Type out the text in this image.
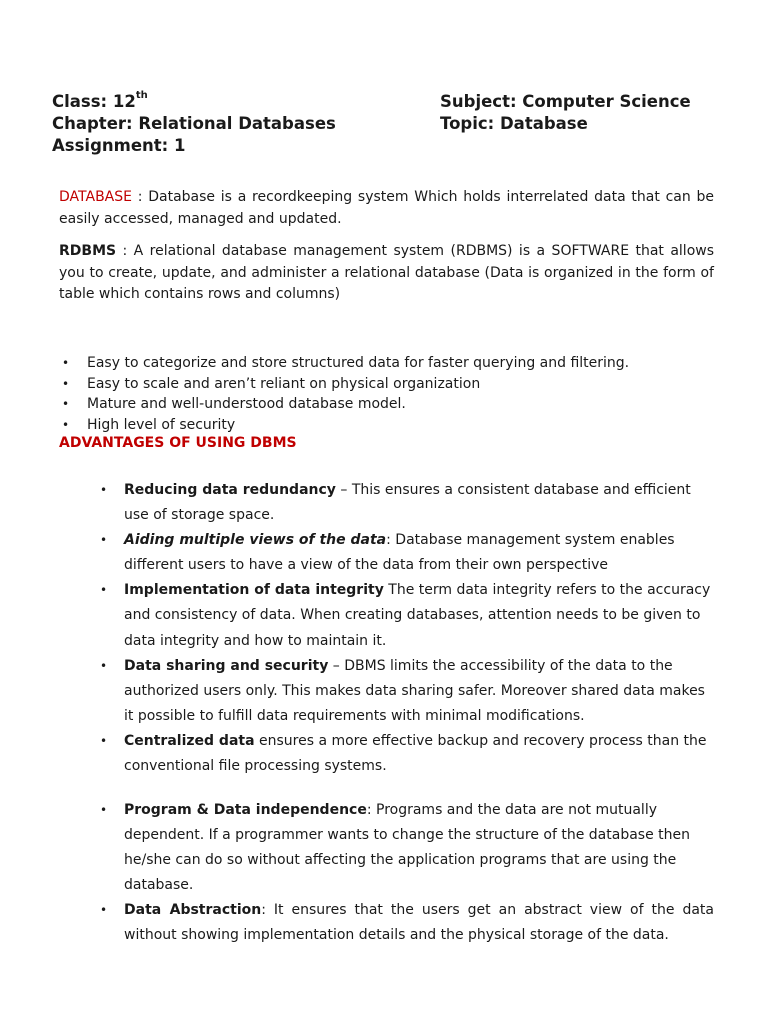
Class: 12th
Chapter: Relational Databases
Assignment: 1
Subject: Computer Science
Topic: Database

DATABASE : Database is a recordkeeping system Which holds interrelated data that can be easily accessed, managed and updated.

RDBMS : A relational database management system (RDBMS) is a SOFTWARE that allows you to create, update, and administer a relational database (Data is organized in the form of table which contains rows and columns)

• Easy to categorize and store structured data for faster querying and filtering.
• Easy to scale and aren’t reliant on physical organization
• Mature and well-understood database model.
• High level of security
ADVANTAGES OF USING DBMS
• Reducing data redundancy – This ensures a consistent database and efficient use of storage space.
• Aiding multiple views of the data: Database management system enables different users to have a view of the data from their own perspective
• Implementation of data integrity The term data integrity refers to the accuracy and consistency of data. When creating databases, attention needs to be given to data integrity and how to maintain it.
• Data sharing and security – DBMS limits the accessibility of the data to the authorized users only. This makes data sharing safer. Moreover shared data makes it possible to fulfill data requirements with minimal modifications.
• Centralized data ensures a more effective backup and recovery process than the conventional file processing systems.
• Program & Data independence: Programs and the data are not mutually dependent. If a programmer wants to change the structure of the database then he/she can do so without affecting the application programs that are using the database.
• Data Abstraction: It ensures that the users get an abstract view of the data without showing implementation details and the physical storage of the data.
